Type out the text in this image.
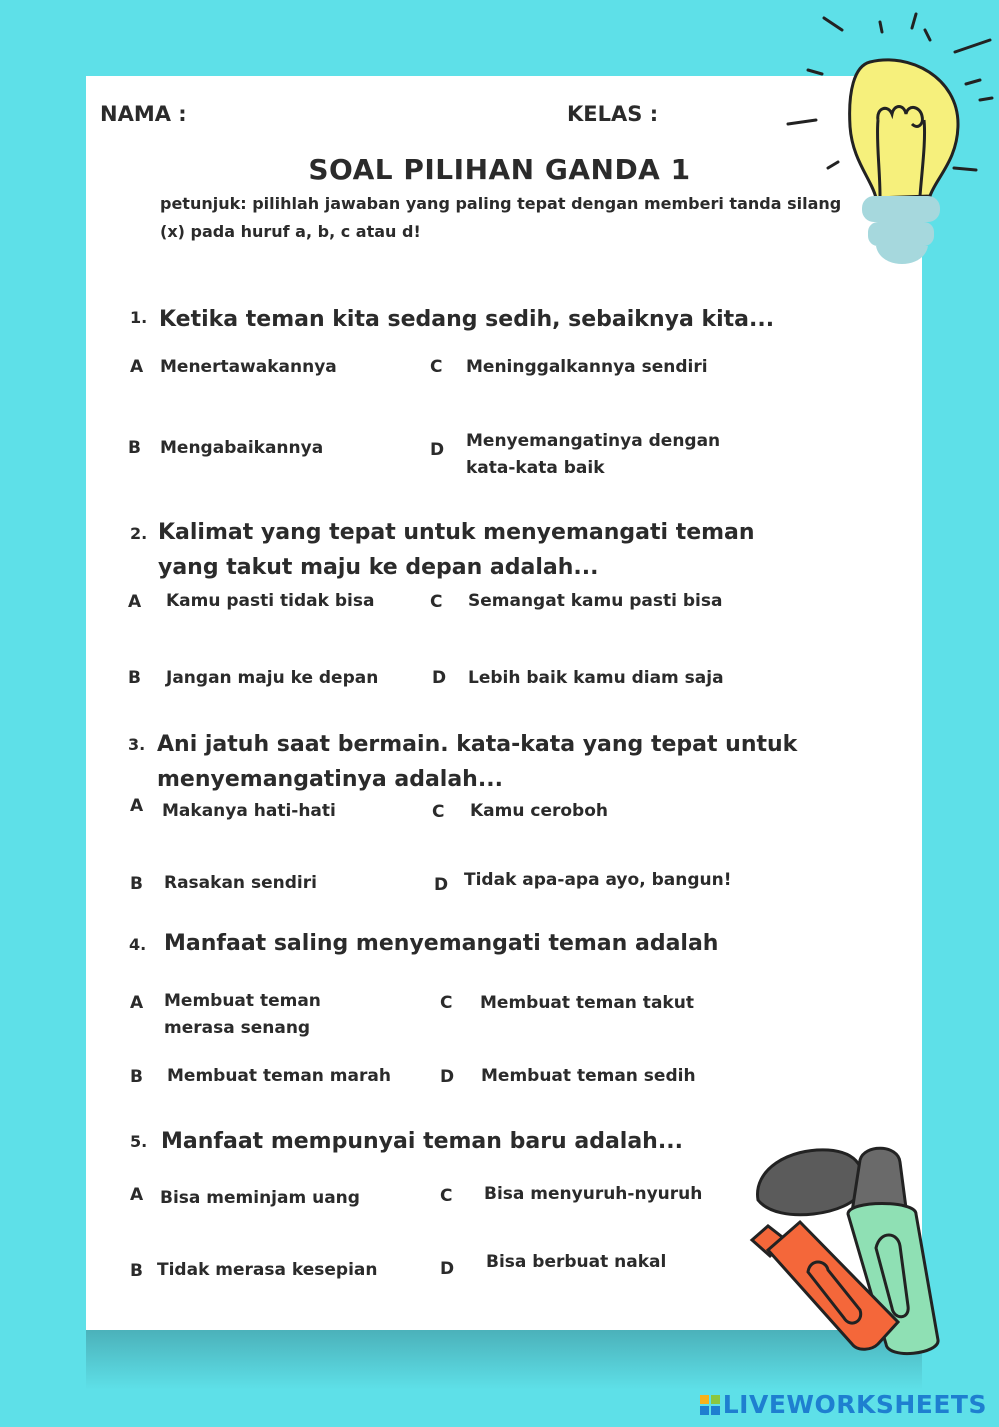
NAMA :	KELAS :
SOAL PILIHAN GANDA 1
petunjuk: pilihlah jawaban yang paling tepat dengan memberi tanda silang (x) pada huruf a, b, c atau d!
1. Ketika teman kita sedang sedih, sebaiknya kita...
A Menertawakannya	C Meninggalkannya sendiri
B Mengabaikannya	D Menyemangatinya dengan kata-kata baik
2. Kalimat yang tepat untuk menyemangati teman yang takut maju ke depan adalah...
A Kamu pasti tidak bisa	C Semangat kamu pasti bisa
B Jangan maju ke depan	D Lebih baik kamu diam saja
3. Ani jatuh saat bermain. kata-kata yang tepat untuk menyemangatinya adalah...
A Makanya hati-hati	C Kamu ceroboh
B Rasakan sendiri	D Tidak apa-apa ayo, bangun!
4. Manfaat saling menyemangati teman adalah
A Membuat teman merasa senang
C Membuat teman takut
B Membuat teman marah	D Membuat teman sedih
5. Manfaat mempunyai teman baru adalah...
A Bisa meminjam uang	C Bisa menyuruh-nyuruh
B Tidak merasa kesepian	D Bisa berbuat nakal
LIVEWORKSHEETS
